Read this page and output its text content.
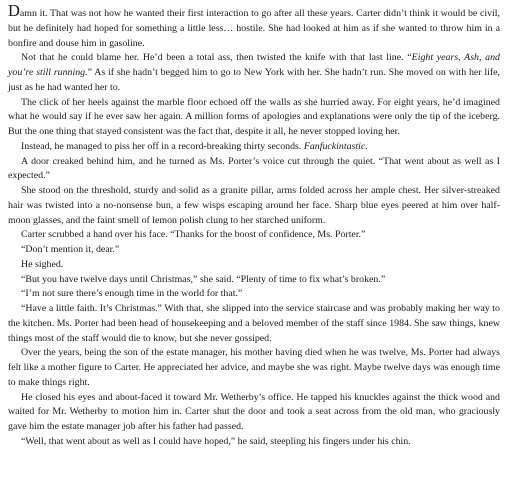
Damn it. That was not how he wanted their first interaction to go after all these years. Carter didn’t think it would be civil, but he definitely had hoped for something a little less… hostile. She had looked at him as if she wanted to throw him in a bonfire and douse him in gasoline.

Not that he could blame her. He’d been a total ass, then twisted the knife with that last line. “Eight years, Ash, and you’re still running.” As if she hadn’t begged him to go to New York with her. She hadn’t run. She moved on with her life, just as he had wanted her to.

The click of her heels against the marble floor echoed off the walls as she hurried away. For eight years, he’d imagined what he would say if he ever saw her again. A million forms of apologies and explanations were only the tip of the iceberg. But the one thing that stayed consistent was the fact that, despite it all, he never stopped loving her.

Instead, he managed to piss her off in a record-breaking thirty seconds. Fanfuckintastic.

A door creaked behind him, and he turned as Ms. Porter’s voice cut through the quiet. “That went about as well as I expected.”

She stood on the threshold, sturdy and solid as a granite pillar, arms folded across her ample chest. Her silver-streaked hair was twisted into a no-nonsense bun, a few wisps escaping around her face. Sharp blue eyes peered at him over half-moon glasses, and the faint smell of lemon polish clung to her starched uniform.

Carter scrubbed a hand over his face. “Thanks for the boost of confidence, Ms. Porter.”

“Don’t mention it, dear.”

He sighed.

“But you have twelve days until Christmas,” she said. “Plenty of time to fix what’s broken.”

“I’m not sure there’s enough time in the world for that.”

“Have a little faith. It’s Christmas.” With that, she slipped into the service staircase and was probably making her way to the kitchen. Ms. Porter had been head of housekeeping and a beloved member of the staff since 1984. She saw things, knew things most of the staff would die to know, but she never gossiped.

Over the years, being the son of the estate manager, his mother having died when he was twelve, Ms. Porter had always felt like a mother figure to Carter. He appreciated her advice, and maybe she was right. Maybe twelve days was enough time to make things right.

He closed his eyes and about-faced it toward Mr. Wetherby’s office. He tapped his knuckles against the thick wood and waited for Mr. Wetherby to motion him in. Carter shut the door and took a seat across from the old man, who graciously gave him the estate manager job after his father had passed.

“Well, that went about as well as I could have hoped,” he said, steepling his fingers under his chin.
